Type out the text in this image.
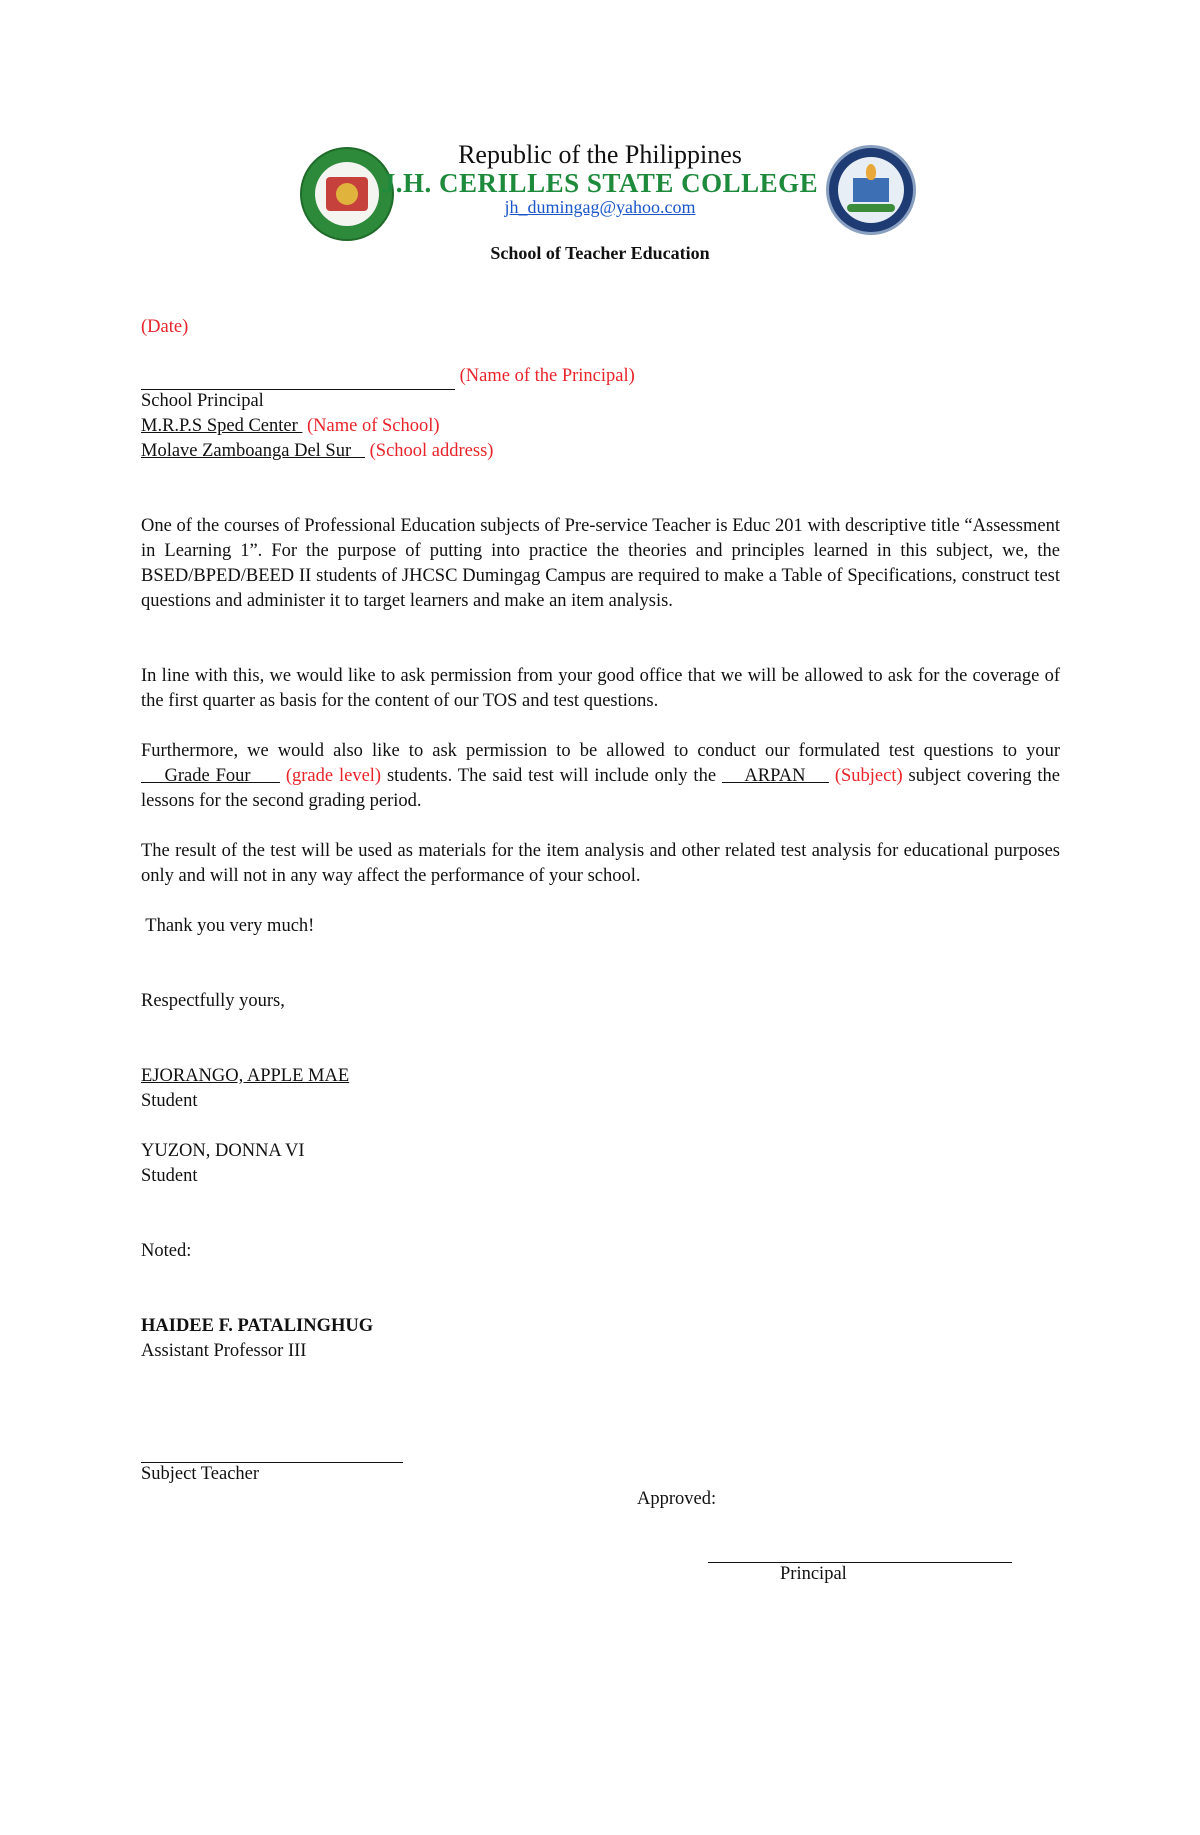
Republic of the Philippines
J.H. CERILLES STATE COLLEGE
jh_dumingag@yahoo.com
School of Teacher Education
(Date)
(Name of the Principal)
School Principal
M.R.P.S Sped Center  (Name of School)
Molave Zamboanga Del Sur    (School address)
One of the courses of Professional Education subjects of Pre-service Teacher is Educ 201 with descriptive title “Assessment in Learning 1”. For the purpose of putting into practice the theories and principles learned in this subject, we, the BSED/BPED/BEED II students of JHCSC Dumingag Campus are required to make a Table of Specifications, construct test questions and administer it to target learners and make an item analysis.
In line with this, we would like to ask permission from your good office that we will be allowed to ask for the coverage of the first quarter as basis for the content of our TOS and test questions.
Furthermore, we would also like to ask permission to be allowed to conduct our formulated test questions to your     Grade Four      (grade level) students. The said test will include only the     ARPAN     (Subject) subject covering the lessons for the second grading period.
The result of the test will be used as materials for the item analysis and other related test analysis for educational purposes only and will not in any way affect the performance of your school.
Thank you very much!
Respectfully yours,
EJORANGO, APPLE MAE
Student
YUZON, DONNA VI
Student
Noted:
HAIDEE F. PATALINGHUG
Assistant Professor III

Subject Teacher
Approved:

Principal
